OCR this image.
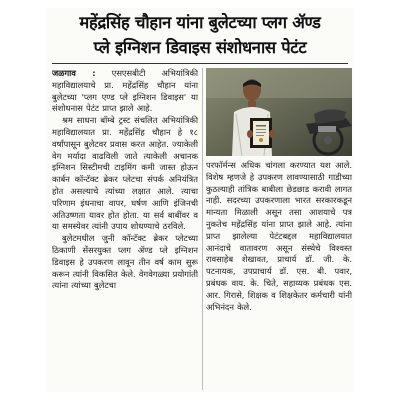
महेंद्रसिंह चौहान यांना बुलेटच्या प्लग ॲण्ड
प्ले इग्निशन डिवाइस संशोधनास पेटंट

जळगाव : एसएसबीटी अभियांत्रिकी महाविद्यालयाचे प्रा. महेंद्रसिंह चौहान यांना बुलेटच्या 'प्लग एण्ड प्ले इग्निशन डिवाइस' या संशोधनास पेटंट प्राप्त झाले आहे.

श्रम साधना बॉम्बे ट्रस्ट संचलित अभियांत्रिकी महाविद्यालयात प्रा. महेंद्रसिंह चौहान हे १८ वर्षांपासून बुलेटवर प्रवास करत आहेत. ज्याकेली वेग मर्यादा वाढविली जाते त्याकेली अचानक इग्निशन सिस्टीमची टाइमिंग कमी जास्त होऊन कार्बन कॉन्टॅक्ट ब्रेकर प्लेटचा संपर्क अनियंत्रित होत असल्याचे त्यांच्या लक्षात आले. त्याचा परिणाम इंधनाचा वापर, घर्षण आणि इंजिनची अतिउष्णता यावर होत होता. या सर्व बाबींवर व या समस्येवर त्यांनी उपाय शोधण्याचे ठरविले.

बुलेटमधील जुनी कॉन्टॅक्ट ब्रेकर प्लेटच्या ठिकाणी सेंसरयुक्त प्लग ॲण्ड प्ले इग्निशन डिवाइस हे उपकरण लावून तीन वर्ष काम सुरू करून त्यांनी विकसित केले. वेगवेगळ्या प्रयोगांती त्यांना त्यांच्या बुलेटचा

परफॉर्मन्स अधिक चांगला करण्यात यश आले. विशेष म्हणजे हे उपकरण लावण्यासाठी गाडीच्या कुठल्याही तांत्रिक बाबीला छेडछाड करावी लागत नाही. सदरच्या उपकरणाला भारत सरकारकडून मान्यता मिळाली असून तसा आशयाचे पत्र नुकतेच महेंद्रसिंह यांना प्राप्त झाले आहे. त्यांना प्राप्त झालेल्या पेटंटबद्दल महाविद्यालयात आनंदाचे वातावरण असून संस्थेचे विश्वस्त रावसाहेब शेखावत, प्राचार्य डॉ. जी. के. पटनायक, उपप्राचार्य डॉ. एस. बी. पवार, प्रबंधक वाय. के. चिते, सहाय्यक प्रबंधक एस. आर. गिरासे, शिक्षक व शिक्षकेतर कर्मचारी यांनी अभिनंदन केले.
